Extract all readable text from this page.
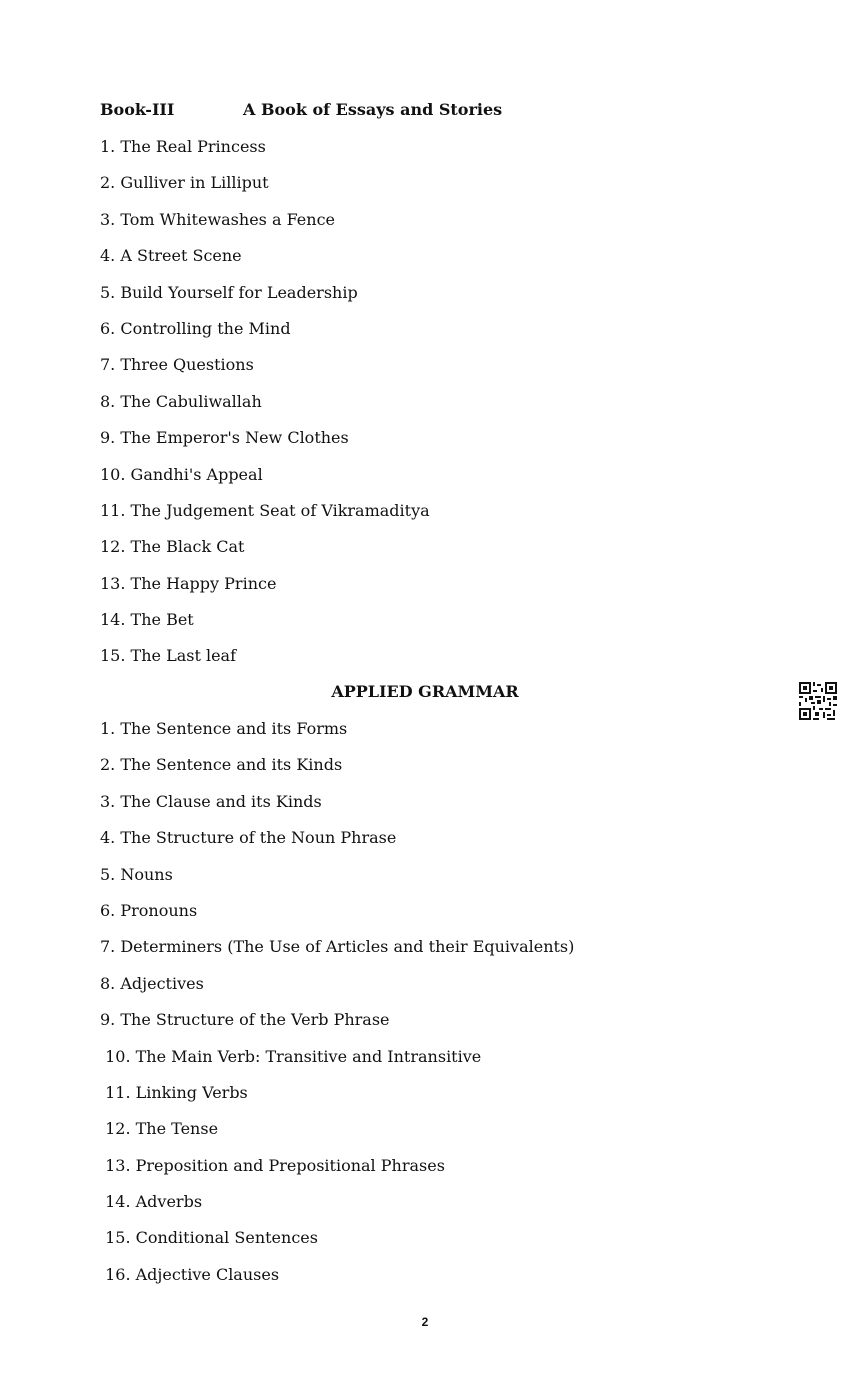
Book-III	A Book of Essays and Stories
1. The Real Princess
2. Gulliver in Lilliput
3. Tom Whitewashes a Fence
4. A Street Scene
5. Build Yourself for Leadership
6. Controlling the Mind
7. Three Questions
8. The Cabuliwallah
9. The Emperor's New Clothes
10. Gandhi's Appeal
11. The Judgement Seat of Vikramaditya
12. The Black Cat
13. The Happy Prince
14. The Bet
15. The Last leaf
APPLIED GRAMMAR
1. The Sentence and its Forms
2. The Sentence and its Kinds
3. The Clause and its Kinds
4. The Structure of the Noun Phrase
5. Nouns
6. Pronouns
7. Determiners (The Use of Articles and their Equivalents)
8. Adjectives
9. The Structure of the Verb Phrase
10. The Main Verb: Transitive and Intransitive
11. Linking Verbs
12. The Tense
13. Preposition and Prepositional Phrases
14. Adverbs
15. Conditional Sentences
16. Adjective Clauses
2
